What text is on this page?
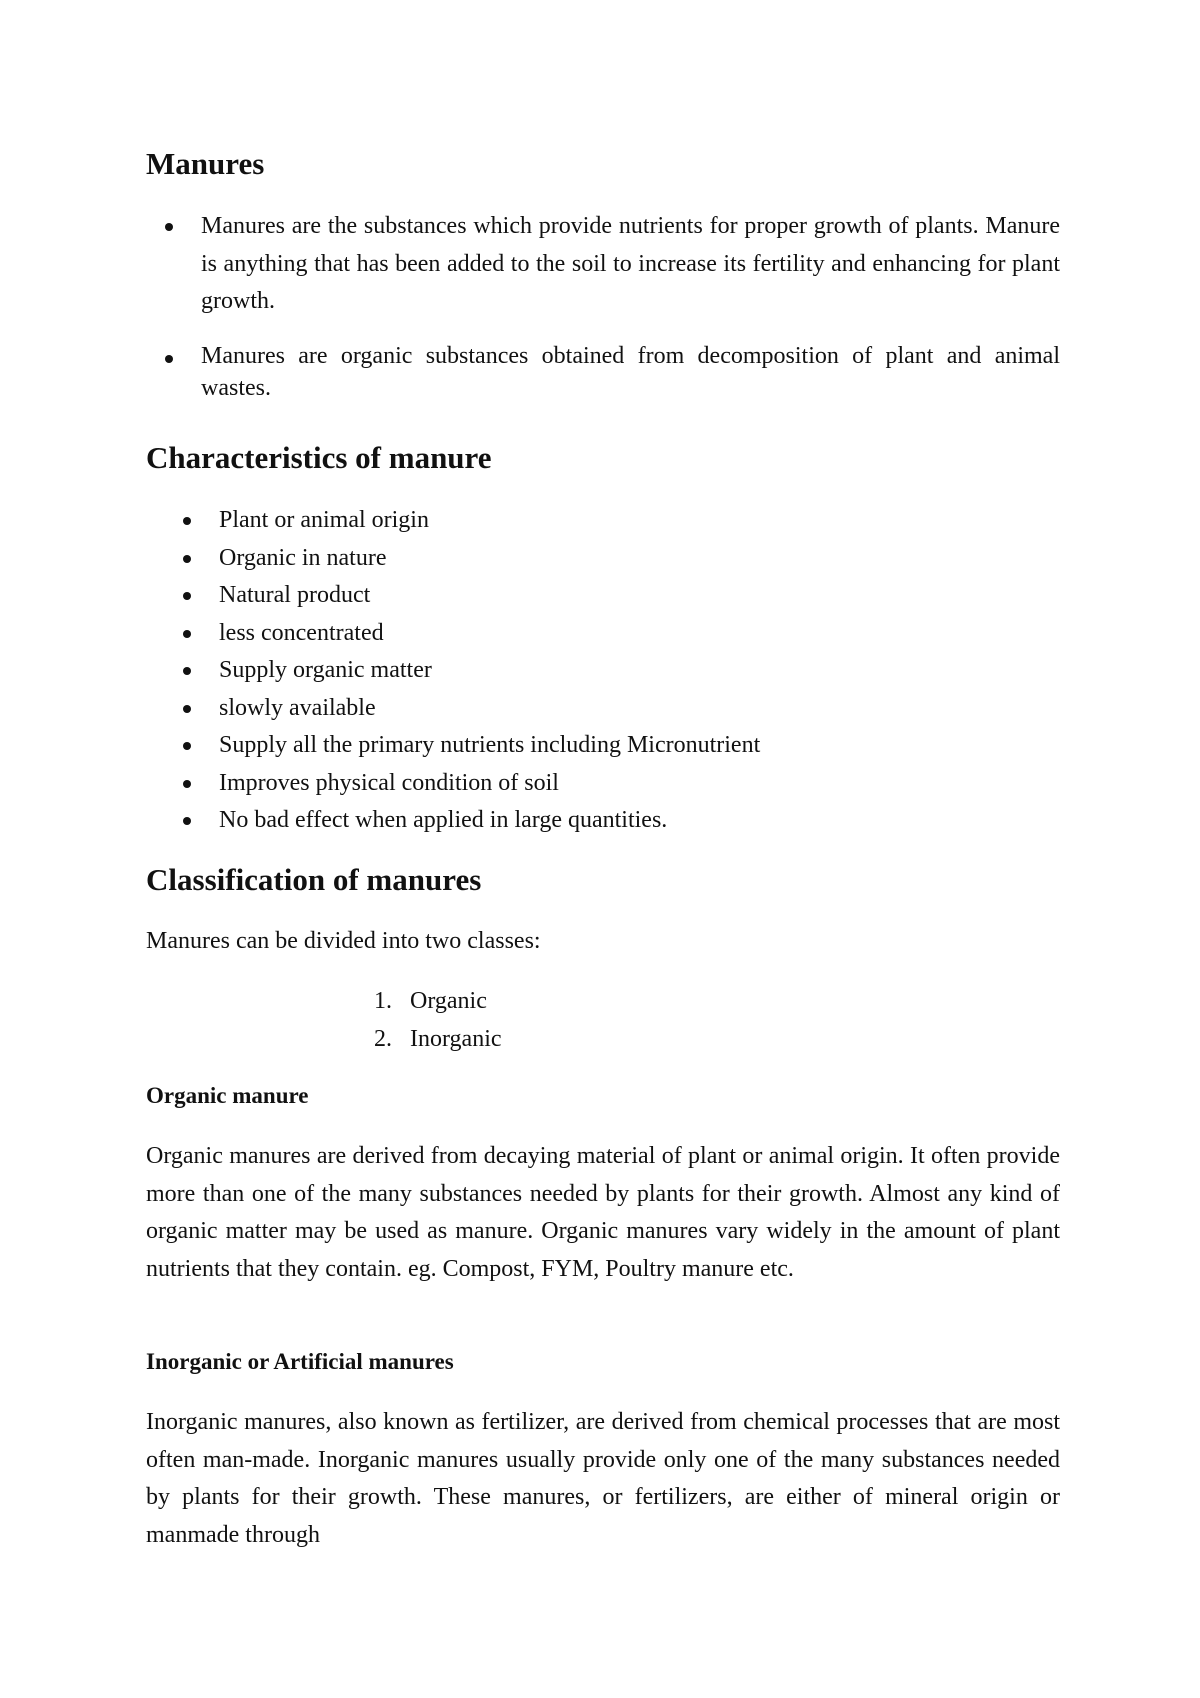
Manures
Manures are the substances which provide nutrients for proper growth of plants. Manure is anything that has been added to the soil to increase its fertility and enhancing for plant growth.
Manures are organic substances obtained from decomposition of plant and animal wastes.
Characteristics of manure
Plant or animal origin
Organic in nature
Natural product
less concentrated
Supply organic matter
slowly available
Supply all the primary nutrients including Micronutrient
Improves physical condition of soil
No bad effect when applied in large quantities.
Classification of manures

Manures can be divided into two classes:

1. Organic
2. Inorganic
Organic manure

Organic manures are derived from decaying material of plant or animal origin. It often provide more than one of the many substances needed by plants for their growth. Almost any kind of organic matter may be used as manure. Organic manures vary widely in the amount of plant nutrients that they contain. eg. Compost, FYM, Poultry manure etc.

Inorganic or Artificial manures

Inorganic manures, also known as fertilizer, are derived from chemical processes that are most often man-made. Inorganic manures usually provide only one of the many substances needed by plants for their growth. These manures, or fertilizers, are either of mineral origin or manmade through
